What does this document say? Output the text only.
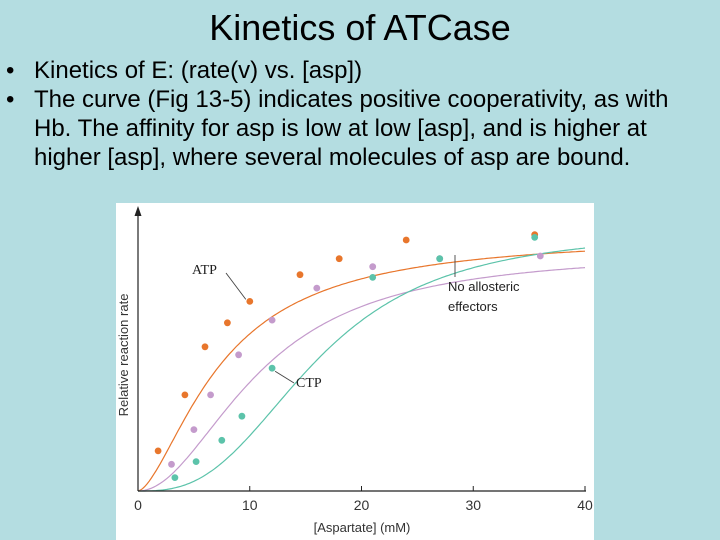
Kinetics of ATCase
• Kinetics of E: (rate(v) vs. [asp])
• The curve (Fig 13-5) indicates positive cooperativity, as with Hb. The affinity for asp is low at low [asp], and is higher at higher [asp], where several molecules of asp are bound.
0	10	20	30	40
Relative reaction rate
[Aspartate] (mM)
ATP
CTP
No allosteric
effectors
